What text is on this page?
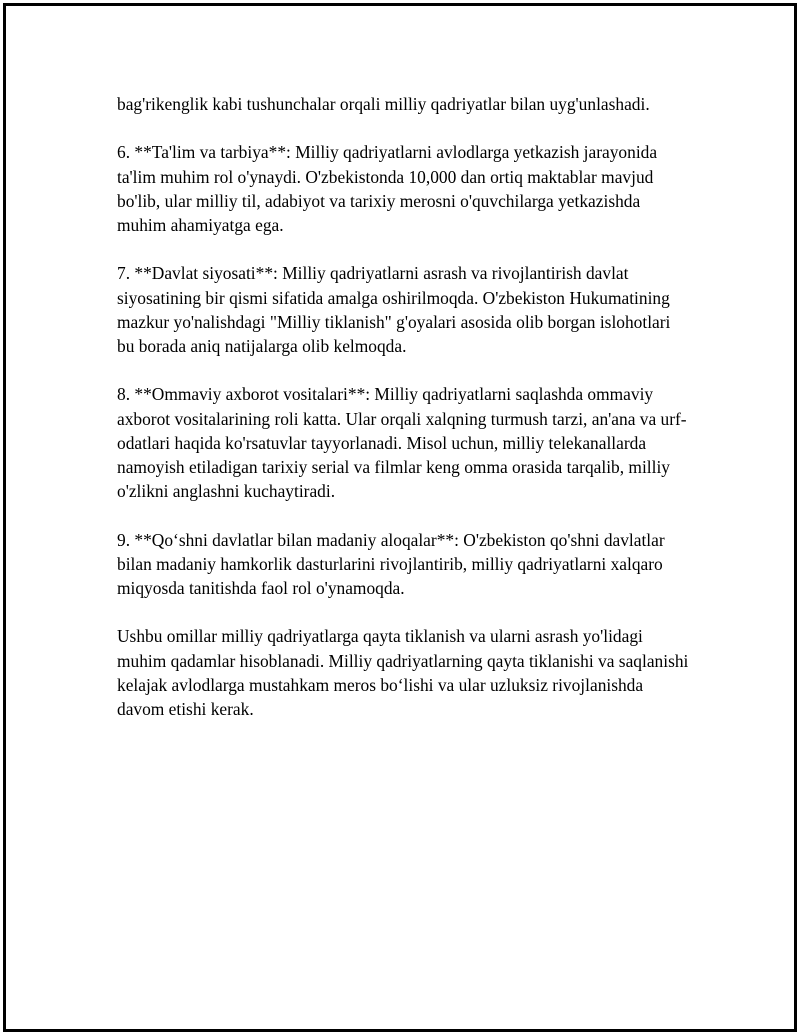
bag'rikenglik kabi tushunchalar orqali milliy qadriyatlar bilan uyg'unlashadi.

6. **Ta'lim va tarbiya**: Milliy qadriyatlarni avlodlarga yetkazish jarayonida ta'lim muhim rol o'ynaydi. O'zbekistonda 10,000 dan ortiq maktablar mavjud bo'lib, ular milliy til, adabiyot va tarixiy merosni o'quvchilarga yetkazishda muhim ahamiyatga ega.

7. **Davlat siyosati**: Milliy qadriyatlarni asrash va rivojlantirish davlat siyosatining bir qismi sifatida amalga oshirilmoqda. O'zbekiston Hukumatining mazkur yo'nalishdagi "Milliy tiklanish" g'oyalari asosida olib borgan islohotlari bu borada aniq natijalarga olib kelmoqda.

8. **Ommaviy axborot vositalari**: Milliy qadriyatlarni saqlashda ommaviy axborot vositalarining roli katta. Ular orqali xalqning turmush tarzi, an'ana va urf-odatlari haqida ko'rsatuvlar tayyorlanadi. Misol uchun, milliy telekanallarda namoyish etiladigan tarixiy serial va filmlar keng omma orasida tarqalib, milliy o'zlikni anglashni kuchaytiradi.

9. **Qo‘shni davlatlar bilan madaniy aloqalar**: O'zbekiston qo'shni davlatlar bilan madaniy hamkorlik dasturlarini rivojlantirib, milliy qadriyatlarni xalqaro miqyosda tanitishda faol rol o'ynamoqda.

Ushbu omillar milliy qadriyatlarga qayta tiklanish va ularni asrash yo'lidagi muhim qadamlar hisoblanadi. Milliy qadriyatlarning qayta tiklanishi va saqlanishi kelajak avlodlarga mustahkam meros bo‘lishi va ular uzluksiz rivojlanishda davom etishi kerak.
